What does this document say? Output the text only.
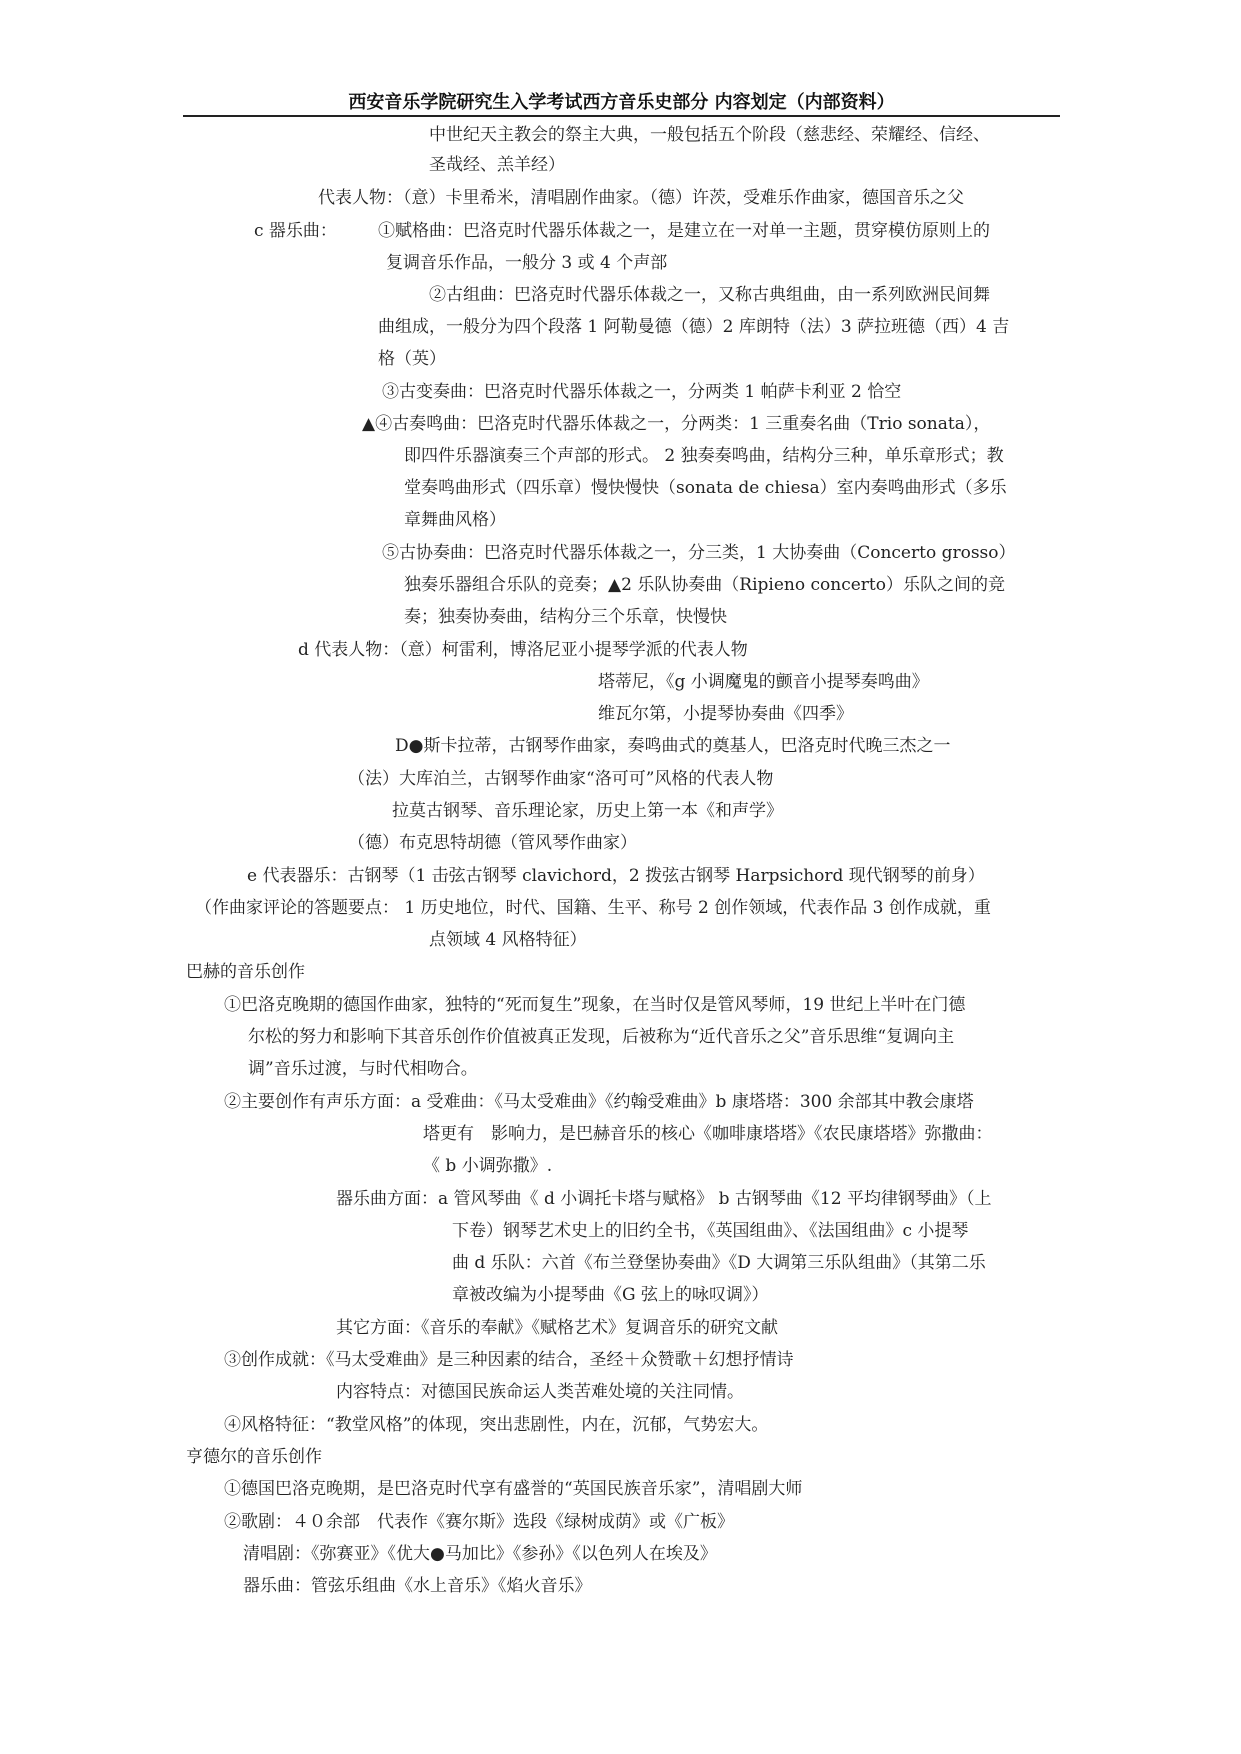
西安音乐学院研究生入学考试西方音乐史部分 内容划定（内部资料）
中世纪天主教会的祭主大典，一般包括五个阶段（慈悲经、荣耀经、信经、
圣哉经、羔羊经）
代表人物：（意）卡里希米，清唱剧作曲家。（德）许茨，受难乐作曲家，德国音乐之父
c 器乐曲： ①赋格曲：巴洛克时代器乐体裁之一，是建立在一对单一主题，贯穿模仿原则上的
复调音乐作品，一般分 3 或 4 个声部
②古组曲：巴洛克时代器乐体裁之一，又称古典组曲，由一系列欧洲民间舞
曲组成，一般分为四个段落 1 阿勒曼德（德）2 库朗特（法）3 萨拉班德（西）4 吉
格（英）
③古变奏曲：巴洛克时代器乐体裁之一，分两类 1 帕萨卡利亚 2 恰空
▲④古奏鸣曲：巴洛克时代器乐体裁之一，分两类：1 三重奏名曲（Trio sonata），
即四件乐器演奏三个声部的形式。 2 独奏奏鸣曲，结构分三种，单乐章形式；教
堂奏鸣曲形式（四乐章）慢快慢快（sonata de chiesa）室内奏鸣曲形式（多乐
章舞曲风格）
⑤古协奏曲：巴洛克时代器乐体裁之一，分三类，1 大协奏曲（Concerto grosso）
独奏乐器组合乐队的竞奏；▲2 乐队协奏曲（Ripieno concerto）乐队之间的竞
奏；独奏协奏曲，结构分三个乐章，快慢快
d 代表人物：（意）柯雷利，博洛尼亚小提琴学派的代表人物
塔蒂尼，《g 小调魔鬼的颤音小提琴奏鸣曲》
维瓦尔第，小提琴协奏曲《四季》
D●斯卡拉蒂，古钢琴作曲家，奏鸣曲式的奠基人，巴洛克时代晚三杰之一
（法）大库泊兰，古钢琴作曲家“洛可可”风格的代表人物
拉莫古钢琴、音乐理论家，历史上第一本《和声学》
（德）布克思特胡德（管风琴作曲家）
e 代表器乐：古钢琴（1 击弦古钢琴 clavichord，2 拨弦古钢琴 Harpsichord 现代钢琴的前身）
（作曲家评论的答题要点： 1 历史地位，时代、国籍、生平、称号 2 创作领域，代表作品 3 创作成就，重
点领域 4 风格特征）
巴赫的音乐创作
①巴洛克晚期的德国作曲家，独特的“死而复生”现象，在当时仅是管风琴师，19 世纪上半叶在门德
尔松的努力和影响下其音乐创作价值被真正发现，后被称为“近代音乐之父”音乐思维“复调向主
调”音乐过渡，与时代相吻合。
②主要创作有声乐方面：a 受难曲：《马太受难曲》《约翰受难曲》b 康塔塔：300 余部其中教会康塔
塔更有　影响力，是巴赫音乐的核心《咖啡康塔塔》《农民康塔塔》弥撒曲：
《 b 小调弥撒》.
器乐曲方面：a 管风琴曲《 d 小调托卡塔与赋格》 b 古钢琴曲《12 平均律钢琴曲》（上
下卷）钢琴艺术史上的旧约全书，《英国组曲》、《法国组曲》c 小提琴
曲 d 乐队：六首《布兰登堡协奏曲》《D 大调第三乐队组曲》（其第二乐
章被改编为小提琴曲《G 弦上的咏叹调》）
其它方面：《音乐的奉献》《赋格艺术》复调音乐的研究文献
③创作成就：《马太受难曲》是三种因素的结合，圣经＋众赞歌＋幻想抒情诗
内容特点：对德国民族命运人类苦难处境的关注同情。
④风格特征：“教堂风格”的体现，突出悲剧性，内在，沉郁，气势宏大。
亨德尔的音乐创作
①德国巴洛克晚期，是巴洛克时代享有盛誉的“英国民族音乐家”，清唱剧大师
②歌剧：４０余部　代表作《赛尔斯》选段《绿树成荫》或《广板》
清唱剧：《弥赛亚》《优大●马加比》《参孙》《以色列人在埃及》
器乐曲：管弦乐组曲《水上音乐》《焰火音乐》
